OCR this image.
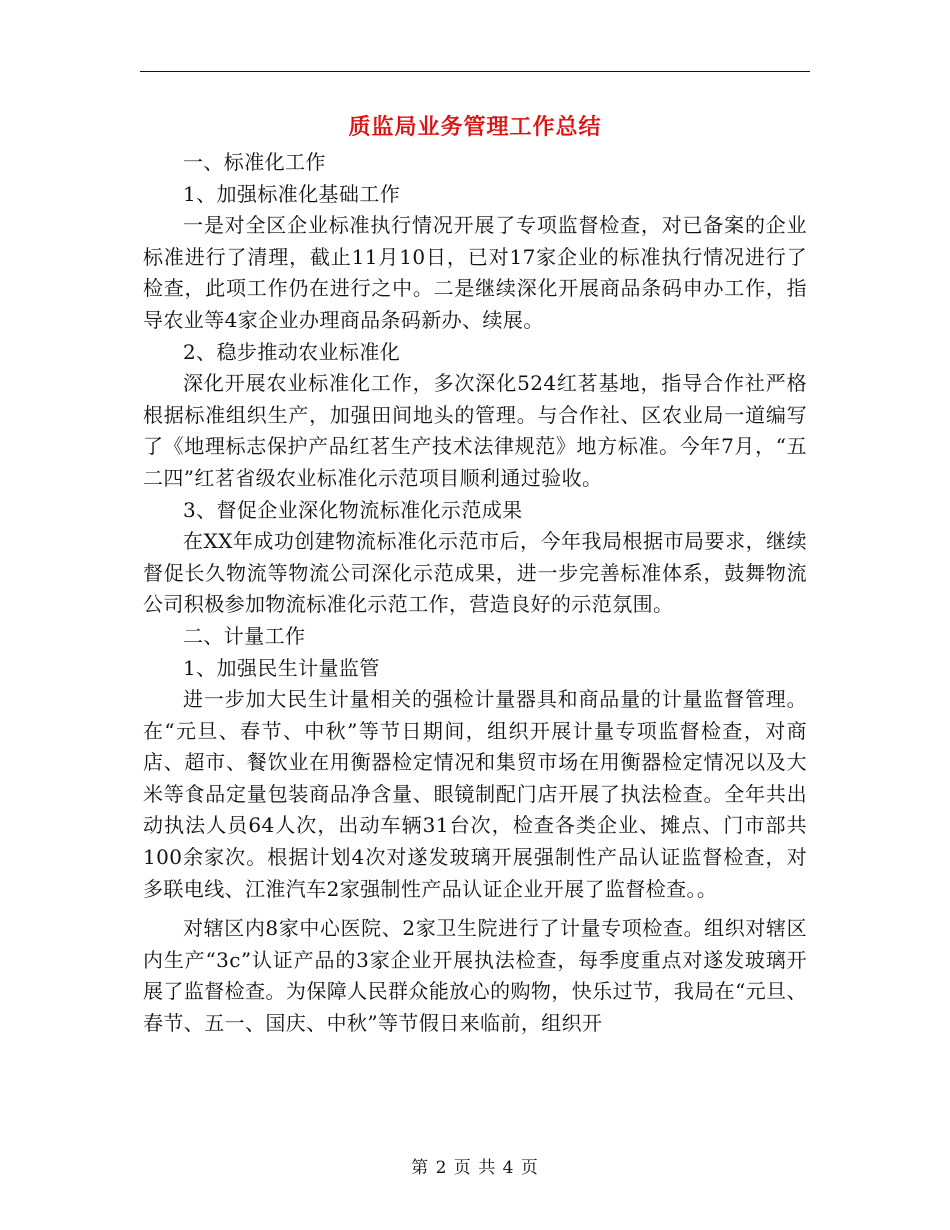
质监局业务管理工作总结

一、标准化工作

1、加强标准化基础工作

一是对全区企业标准执行情况开展了专项监督检查，对已备案的企业标准进行了清理，截止11月10日，已对17家企业的标准执行情况进行了检查，此项工作仍在进行之中。二是继续深化开展商品条码申办工作，指导农业等4家企业办理商品条码新办、续展。

2、稳步推动农业标准化

深化开展农业标准化工作，多次深化524红茗基地，指导合作社严格根据标准组织生产，加强田间地头的管理。与合作社、区农业局一道编写了《地理标志保护产品红茗生产技术法律规范》地方标准。今年7月，“五二四”红茗省级农业标准化示范项目顺利通过验收。

3、督促企业深化物流标准化示范成果

在XX年成功创建物流标准化示范市后，今年我局根据市局要求，继续督促长久物流等物流公司深化示范成果，进一步完善标准体系，鼓舞物流公司积极参加物流标准化示范工作，营造良好的示范氛围。

二、计量工作

1、加强民生计量监管

进一步加大民生计量相关的强检计量器具和商品量的计量监督管理。在“元旦、春节、中秋”等节日期间，组织开展计量专项监督检查，对商店、超市、餐饮业在用衡器检定情况和集贸市场在用衡器检定情况以及大米等食品定量包装商品净含量、眼镜制配门店开展了执法检查。全年共出动执法人员64人次，出动车辆31台次，检查各类企业、摊点、门市部共100余家次。根据计划4次对遂发玻璃开展强制性产品认证监督检查，对多联电线、江淮汽车2家强制性产品认证企业开展了监督检查。。

对辖区内8家中心医院、2家卫生院进行了计量专项检查。组织对辖区内生产“3c”认证产品的3家企业开展执法检查，每季度重点对遂发玻璃开展了监督检查。为保障人民群众能放心的购物，快乐过节，我局在“元旦、春节、五一、国庆、中秋”等节假日来临前，组织开

第 2 页 共 4 页
